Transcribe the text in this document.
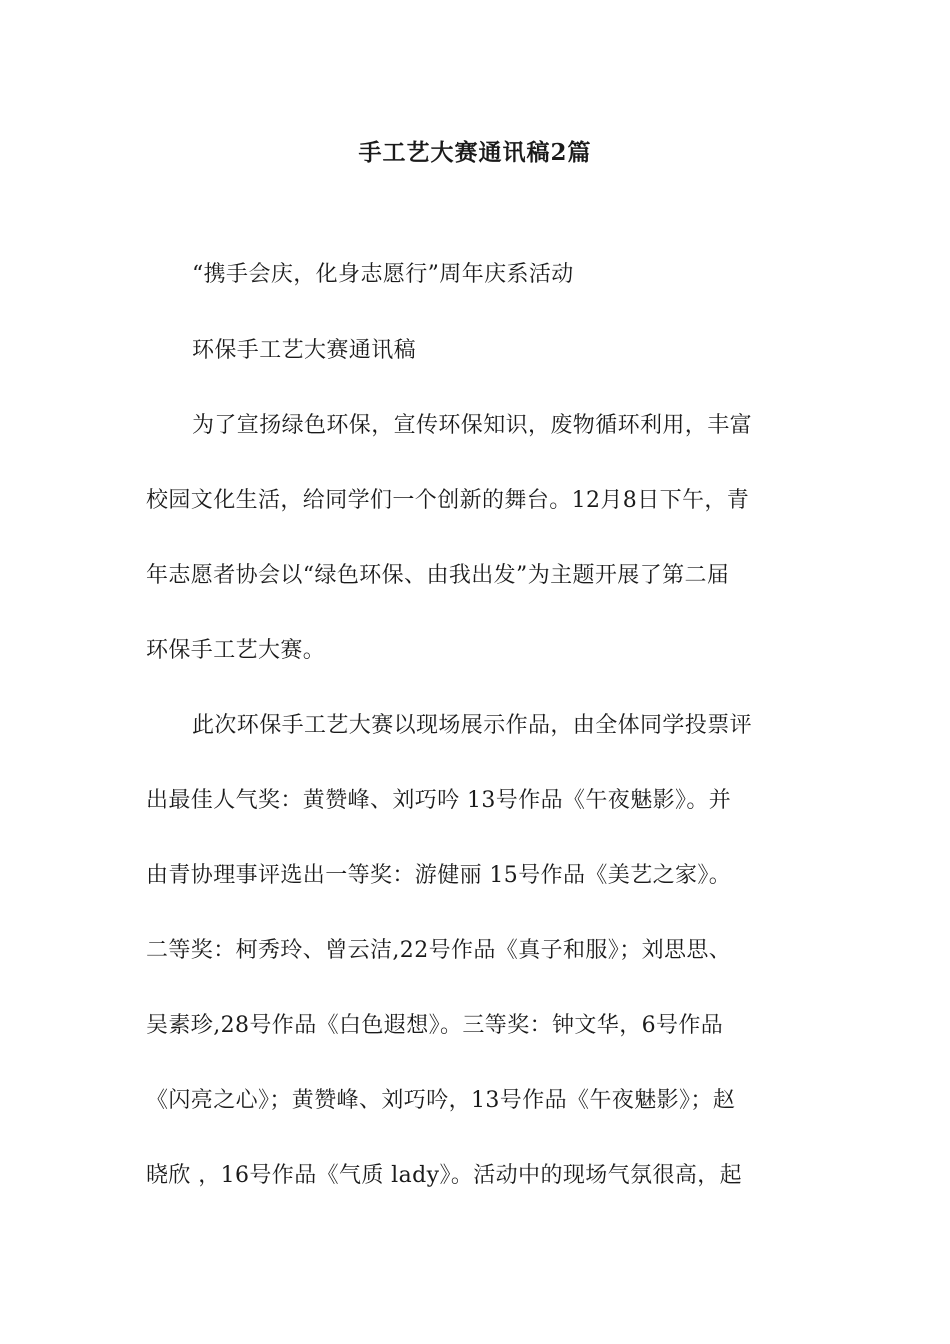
手工艺大赛通讯稿2篇
“携手会庆，化身志愿行”周年庆系活动
环保手工艺大赛通讯稿
为了宣扬绿色环保，宣传环保知识，废物循环利用，丰富
校园文化生活，给同学们一个创新的舞台。12月8日下午，青
年志愿者协会以“绿色环保、由我出发”为主题开展了第二届
环保手工艺大赛。
此次环保手工艺大赛以现场展示作品，由全体同学投票评
出最佳人气奖：黄赞峰、刘巧吟 13号作品《午夜魅影》。并
由青协理事评选出一等奖：游健丽 15号作品《美艺之家》。
二等奖：柯秀玲、曾云洁,22号作品《真子和服》；刘思思、
吴素珍,28号作品《白色遐想》。三等奖：钟文华，6号作品
《闪亮之心》；黄赞峰、刘巧吟，13号作品《午夜魅影》；赵
晓欣 ，16号作品《气质 lady》。活动中的现场气氛很高，起
